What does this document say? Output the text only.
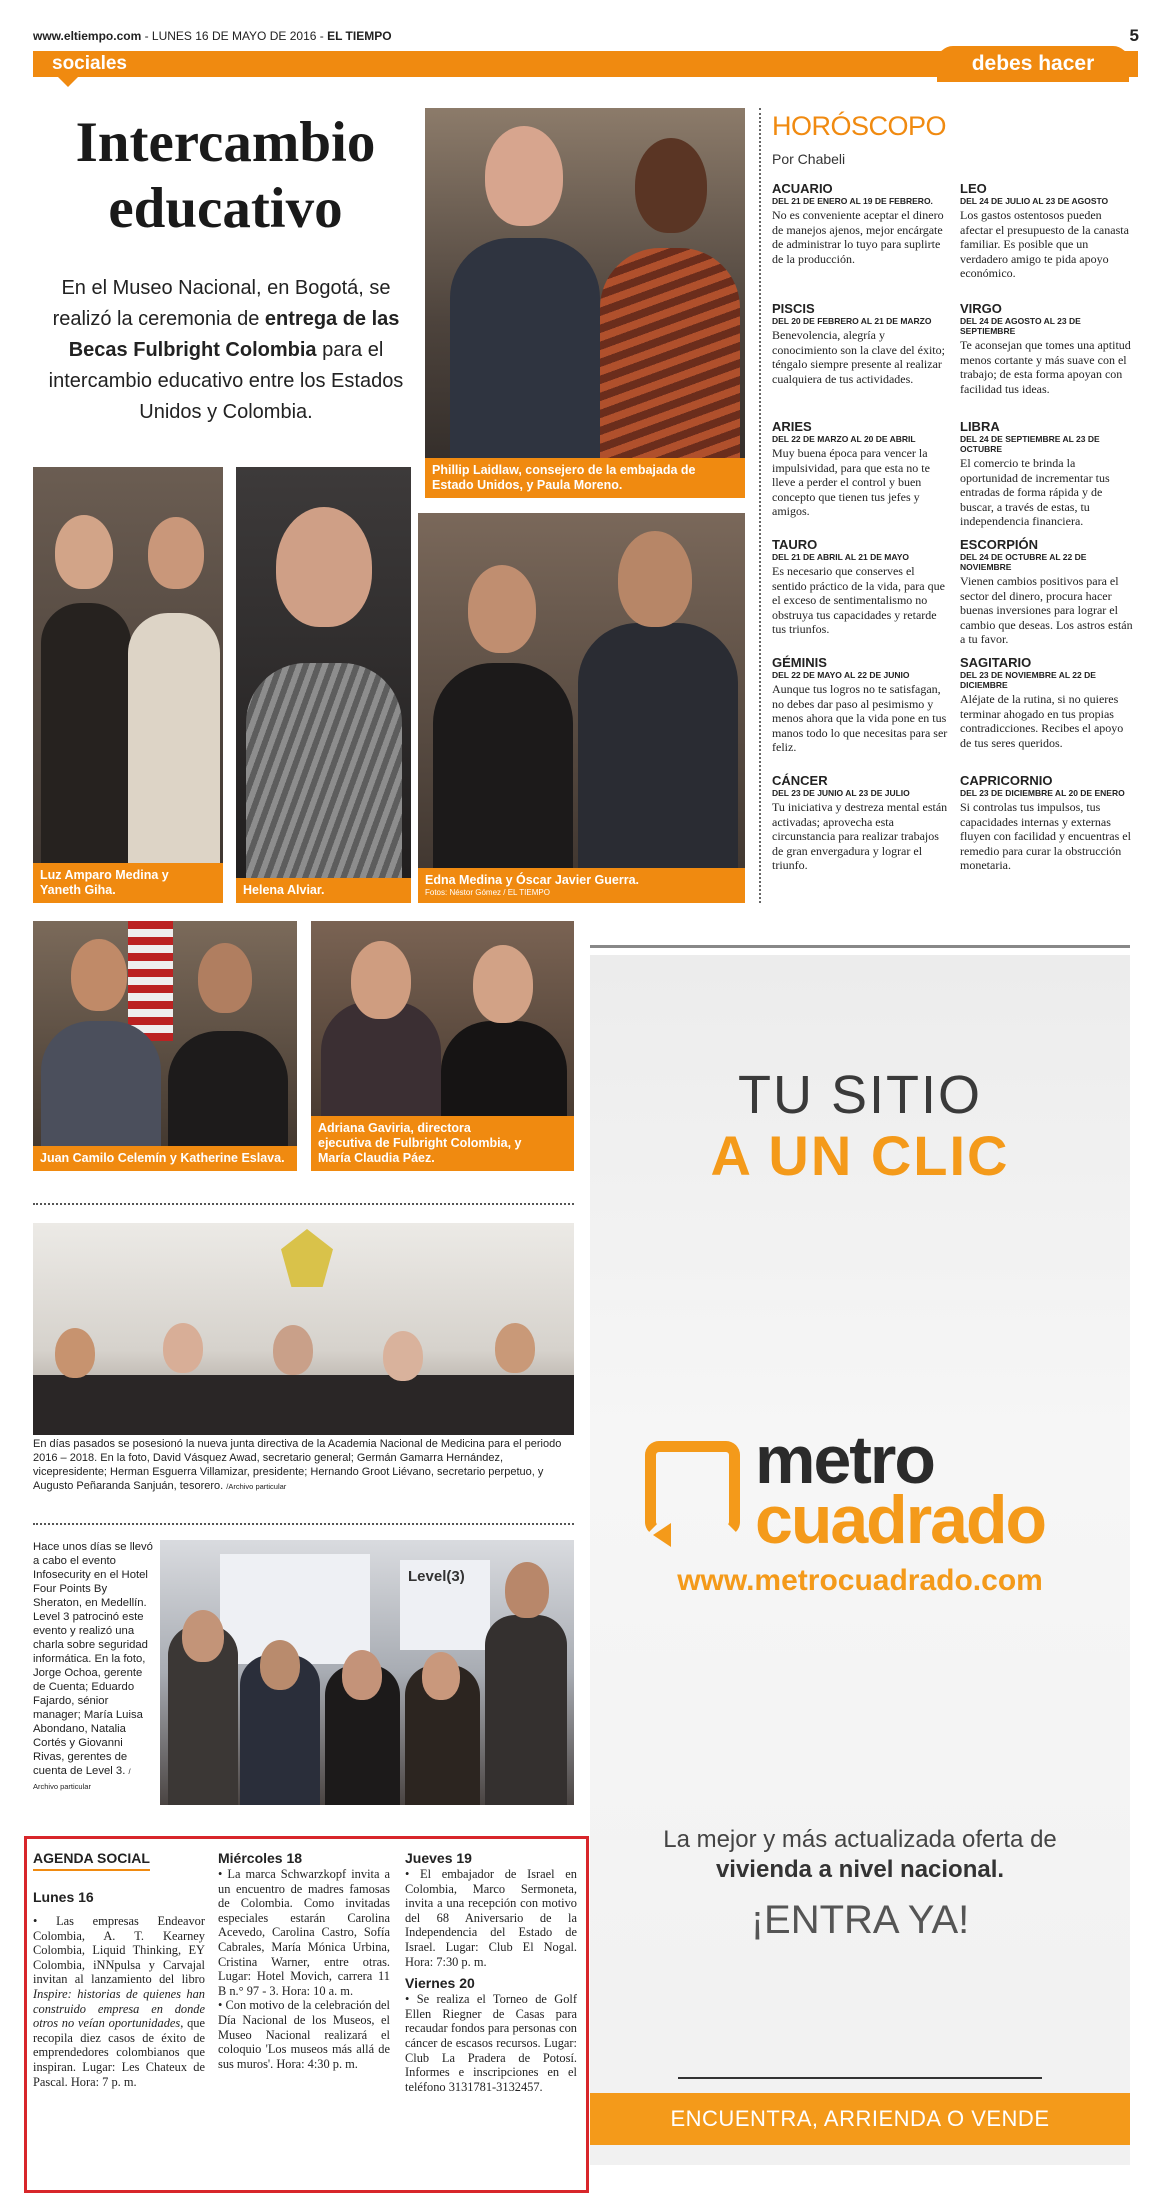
www.eltiempo.com - LUNES 16 DE MAYO DE 2016 - EL TIEMPO	5
sociales	debes hacer
Intercambio
educativo
En el Museo Nacional, en Bogotá, se realizó la ceremonia de entrega de las Becas Fulbright Colombia para el intercambio educativo entre los Estados Unidos y Colombia.
Phillip Laidlaw, consejero de la embajada de Estado Unidos, y Paula Moreno.
HORÓSCOPO
Por Chabeli
ACUARIO
DEL 21 DE ENERO AL 19 DE FEBRERO.
No es conveniente aceptar el dinero de manejos ajenos, mejor encárgate de administrar lo tuyo para suplirte de la producción.
PISCIS
DEL 20 DE FEBRERO AL 21 DE MARZO
Benevolencia, alegría y conocimiento son la clave del éxito; téngalo siempre presente al realizar cualquiera de tus actividades.
ARIES
DEL 22 DE MARZO AL 20 DE ABRIL
Muy buena época para vencer la impulsividad, para que esta no te lleve a perder el control y buen concepto que tienen tus jefes y amigos.
TAURO
DEL 21 DE ABRIL AL 21 DE MAYO
Es necesario que conserves el sentido práctico de la vida, para que el exceso de sentimentalismo no obstruya tus capacidades y retarde tus triunfos.
GÉMINIS
DEL 22 DE MAYO AL 22 DE JUNIO
Aunque tus logros no te satisfagan, no debes dar paso al pesimismo y menos ahora que la vida pone en tus manos todo lo que necesitas para ser feliz.
CÁNCER
DEL 23 DE JUNIO AL 23 DE JULIO
Tu iniciativa y destreza mental están activadas; aprovecha esta circunstancia para realizar trabajos de gran envergadura y lograr el triunfo.
LEO
DEL 24 DE JULIO AL 23 DE AGOSTO
Los gastos ostentosos pueden afectar el presupuesto de la canasta familiar. Es posible que un verdadero amigo te pida apoyo económico.
VIRGO
DEL 24 DE AGOSTO AL 23 DE SEPTIEMBRE
Te aconsejan que tomes una aptitud menos cortante y más suave con el trabajo; de esta forma apoyan con facilidad tus ideas.
LIBRA
DEL 24 DE SEPTIEMBRE AL 23 DE OCTUBRE
El comercio te brinda la oportunidad de incrementar tus entradas de forma rápida y de buscar, a través de estas, tu independencia financiera.
ESCORPIÓN
DEL 24 DE OCTUBRE AL 22 DE NOVIEMBRE
Vienen cambios positivos para el sector del dinero, procura hacer buenas inversiones para lograr el cambio que deseas. Los astros están a tu favor.
SAGITARIO
DEL 23 DE NOVIEMBRE AL 22 DE DICIEMBRE
Aléjate de la rutina, si no quieres terminar ahogado en tus propias contradicciones. Recibes el apoyo de tus seres queridos.
CAPRICORNIO
DEL 23 DE DICIEMBRE AL 20 DE ENERO
Si controlas tus impulsos, tus capacidades internas y externas fluyen con facilidad y encuentras el remedio para curar la obstrucción monetaria.
Luz Amparo Medina y Yaneth Giha.	Helena Alviar.
Edna Medina y Óscar Javier Guerra.
Fotos: Néstor Gómez / EL TIEMPO
Juan Camilo Celemín y Katherine Eslava.
Adriana Gaviria, directora ejecutiva de Fulbright Colombia, y María Claudia Páez.
En días pasados se posesionó la nueva junta directiva de la Academia Nacional de Medicina para el periodo 2016 – 2018. En la foto, David Vásquez Awad, secretario general; Germán Gamarra Hernández, vicepresidente; Herman Esguerra Villamizar, presidente; Hernando Groot Liévano, secretario perpetuo, y Augusto Peñaranda Sanjuán, tesorero. /Archivo particular
Hace unos días se llevó a cabo el evento Infosecurity en el Hotel Four Points By Sheraton, en Medellín. Level 3 patrocinó este evento y realizó una charla sobre seguridad informática. En la foto, Jorge Ochoa, gerente de Cuenta; Eduardo Fajardo, sénior manager; María Luisa Abondano, Natalia Cortés y Giovanni Rivas, gerentes de cuenta de Level 3. / Archivo particular
Level(3)
TU SITIO
A UN CLIC
metro
cuadrado
www.metrocuadrado.com
La mejor y más actualizada oferta de
vivienda a nivel nacional.
¡ENTRA YA!
ENCUENTRA, ARRIENDA O VENDE
AGENDA SOCIAL
Lunes 16
• Las empresas Endeavor Colombia, A. T. Kearney Colombia, Liquid Thinking, EY Colombia, iNNpulsa y Carvajal invitan al lanzamiento del libro Inspire: historias de quienes han construido empresa en donde otros no veían oportunidades, que recopila diez casos de éxito de emprendedores colombianos que inspiran. Lugar: Les Chateux de Pascal. Hora: 7 p. m.
Miércoles 18
• La marca Schwarzkopf invita a un encuentro de madres famosas de Colombia. Como invitadas especiales estarán Carolina Acevedo, Carolina Castro, Sofía Cabrales, María Mónica Urbina, Cristina Warner, entre otras. Lugar: Hotel Movich, carrera 11 B n.° 97 - 3. Hora: 10 a. m.
• Con motivo de la celebración del Día Nacional de los Museos, el Museo Nacional realizará el coloquio 'Los museos más allá de sus muros'. Hora: 4:30 p. m.
Jueves 19
• El embajador de Israel en Colombia, Marco Sermoneta, invita a una recepción con motivo del 68 Aniversario de la Independencia del Estado de Israel. Lugar: Club El Nogal. Hora: 7:30 p. m.
Viernes 20
• Se realiza el Torneo de Golf Ellen Riegner de Casas para recaudar fondos para personas con cáncer de escasos recursos. Lugar: Club La Pradera de Potosí. Informes e inscripciones en el teléfono 3131781-3132457.
